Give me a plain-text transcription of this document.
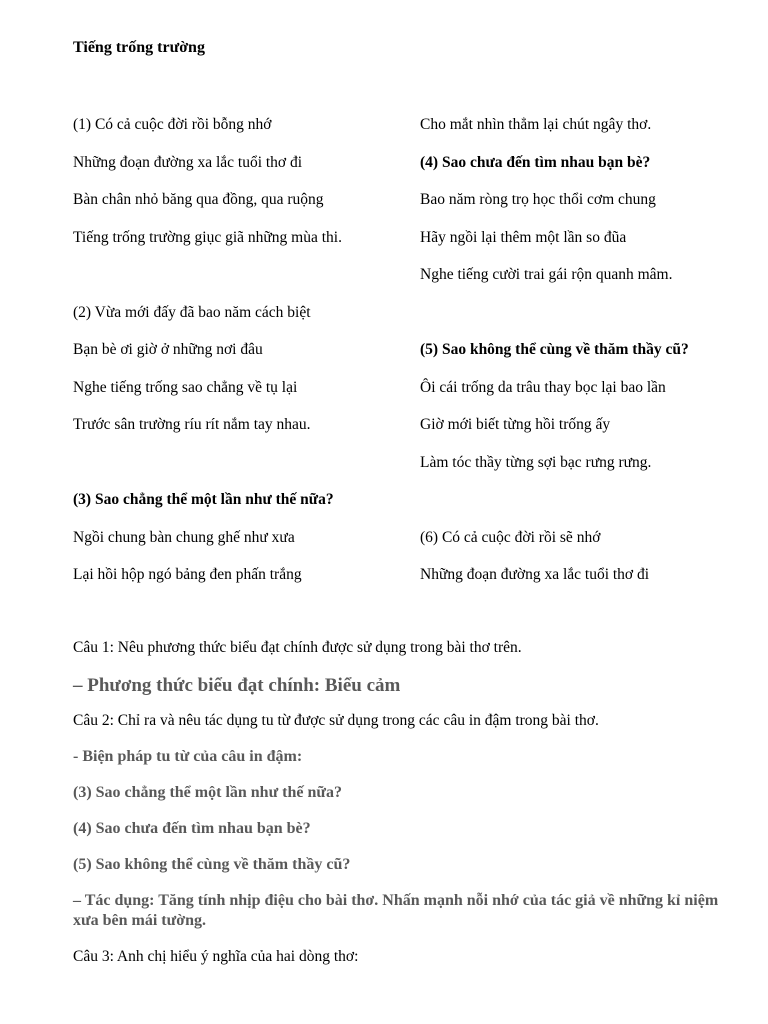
Tiếng trống trường
(1) Có cả cuộc đời rồi bỗng nhớ
Những đoạn đường xa lắc tuổi thơ đi
Bàn chân nhỏ băng qua đồng, qua ruộng
Tiếng trống trường giục giã những mùa thi.
(2) Vừa mới đấy đã bao năm cách biệt
Bạn bè ơi giờ ở những nơi đâu
Nghe tiếng trống sao chẳng về tụ lại
Trước sân trường ríu rít nắm tay nhau.
(3) Sao chẳng thể một lần như thế nữa?
Ngồi chung bàn chung ghế như xưa
Lại hồi hộp ngó bảng đen phấn trắng
Cho mắt nhìn thẳm lại chút ngây thơ.
(4) Sao chưa đến tìm nhau bạn bè?
Bao năm ròng trọ học thổi cơm chung
Hãy ngồi lại thêm một lần so đũa
Nghe tiếng cười trai gái rộn quanh mâm.
(5) Sao không thể cùng về thăm thầy cũ?
Ôi cái trống da trâu thay bọc lại bao lần
Giờ mới biết từng hồi trống ấy
Làm tóc thầy từng sợi bạc rưng rưng.
(6) Có cả cuộc đời rồi sẽ nhớ
Những đoạn đường xa lắc tuổi thơ đi
Câu 1: Nêu phương thức biểu đạt chính được sử dụng trong bài thơ trên.
– Phương thức biểu đạt chính: Biểu cảm
Câu 2: Chỉ ra và nêu tác dụng tu từ được sử dụng trong các câu in đậm trong bài thơ.
- Biện pháp tu từ của câu in đậm:
(3) Sao chẳng thể một lần như thế nữa?
(4) Sao chưa đến tìm nhau bạn bè?
(5) Sao không thể cùng về thăm thầy cũ?
– Tác dụng: Tăng tính nhịp điệu cho bài thơ. Nhấn mạnh nỗi nhớ của tác giả về những kỉ niệm xưa bên mái tường.
Câu 3: Anh chị hiểu ý nghĩa của hai dòng thơ:
